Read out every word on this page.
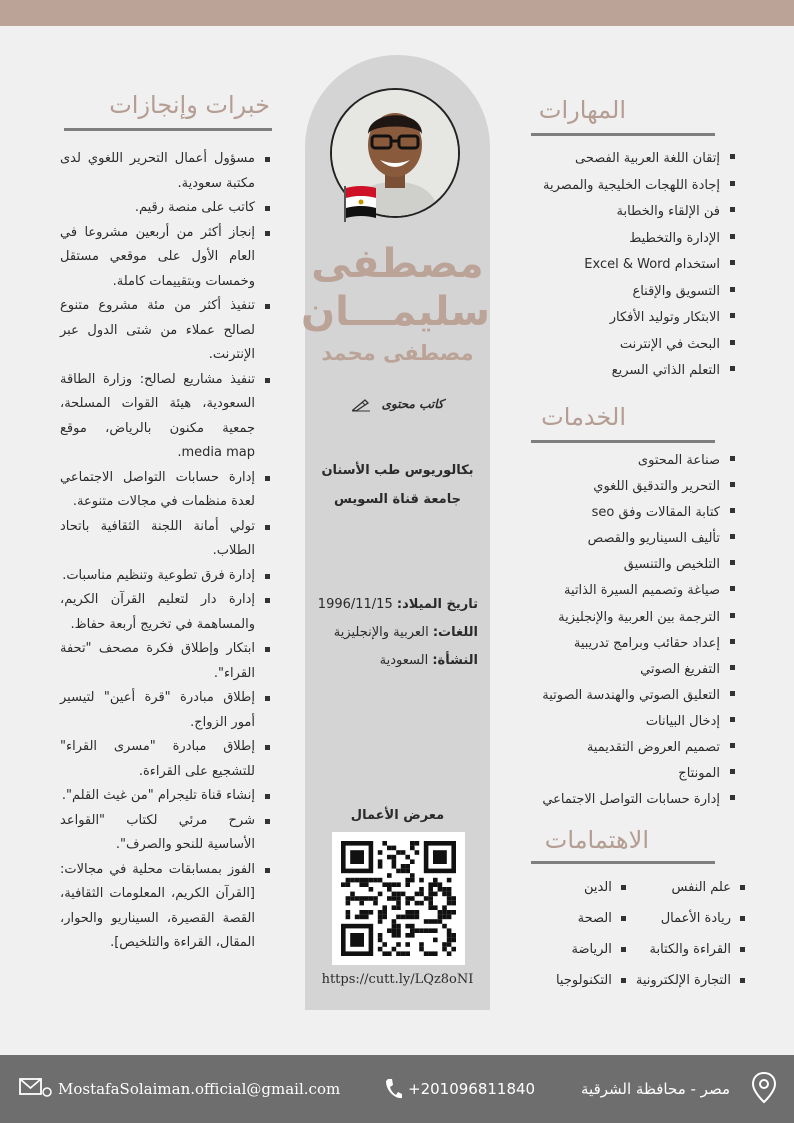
المهارات
إتقان اللغة العربية الفصحى
إجادة اللهجات الخليجية والمصرية
فن الإلقاء والخطابة
الإدارة والتخطيط
استخدام Excel & Word
التسويق والإقناع
الابتكار وتوليد الأفكار
البحث في الإنترنت
التعلم الذاتي السريع
الخدمات
صناعة المحتوى
التحرير والتدقيق اللغوي
كتابة المقالات وفق seo
تأليف السيناريو والقصص
التلخيص والتنسيق
صياغة وتصميم السيرة الذاتية
الترجمة بين العربية والإنجليزية
إعداد حقائب وبرامج تدريبية
التفريغ الصوتي
التعليق الصوتي والهندسة الصوتية
إدخال البيانات
تصميم العروض التقديمية
المونتاج
إدارة حسابات التواصل الاجتماعي
الاهتمامات
علم النفس
الدين
ريادة الأعمال
الصحة
القراءة والكتابة
الرياضة
التجارة الإلكترونية
التكنولوجيا
مصطفى
سليمـــان
مصطفى محمد
كاتب محتوى
بكالوريوس طب الأسنان
جامعة قناة السويس
تاريخ الميلاد: 1996/11/15
اللغات: العربية والإنجليزية
النشأة: السعودية
معرض الأعمال
https://cutt.ly/LQz8oNI
خبرات وإنجازات
مسؤول أعمال التحرير اللغوي لدى مكتبة سعودية.
كاتب على منصة رقيم.
إنجاز أكثر من أربعين مشروعا في العام الأول على موقعي مستقل وخمسات وبتقييمات كاملة.
تنفيذ أكثر من مئة مشروع متنوع لصالح عملاء من شتى الدول عبر الإنترنت.
تنفيذ مشاريع لصالح: وزارة الطاقة السعودية، هيئة القوات المسلحة، جمعية مكنون بالرياض، موقع media map.
إدارة حسابات التواصل الاجتماعي لعدة منظمات في مجالات متنوعة.
تولي أمانة اللجنة الثقافية باتحاد الطلاب.
إدارة فرق تطوعية وتنظيم مناسبات.
إدارة دار لتعليم القرآن الكريم، والمساهمة في تخريج أربعة حفاظ.
ابتكار وإطلاق فكرة مصحف "تحفة القراء".
إطلاق مبادرة "قرة أعين" لتيسير أمور الزواج.
إطلاق مبادرة "مسرى القراء" للتشجيع على القراءة.
إنشاء قناة تليجرام "من غيث القلم".
شرح مرئي لكتاب "القواعد الأساسية للنحو والصرف".
الفوز بمسابقات محلية في مجالات: [القرآن الكريم، المعلومات الثقافية، القصة القصيرة، السيناريو والحوار، المقال، القراءة والتلخيص].
مصر - محافظة الشرقية
+201096811840
MostafaSolaiman.official@gmail.com
